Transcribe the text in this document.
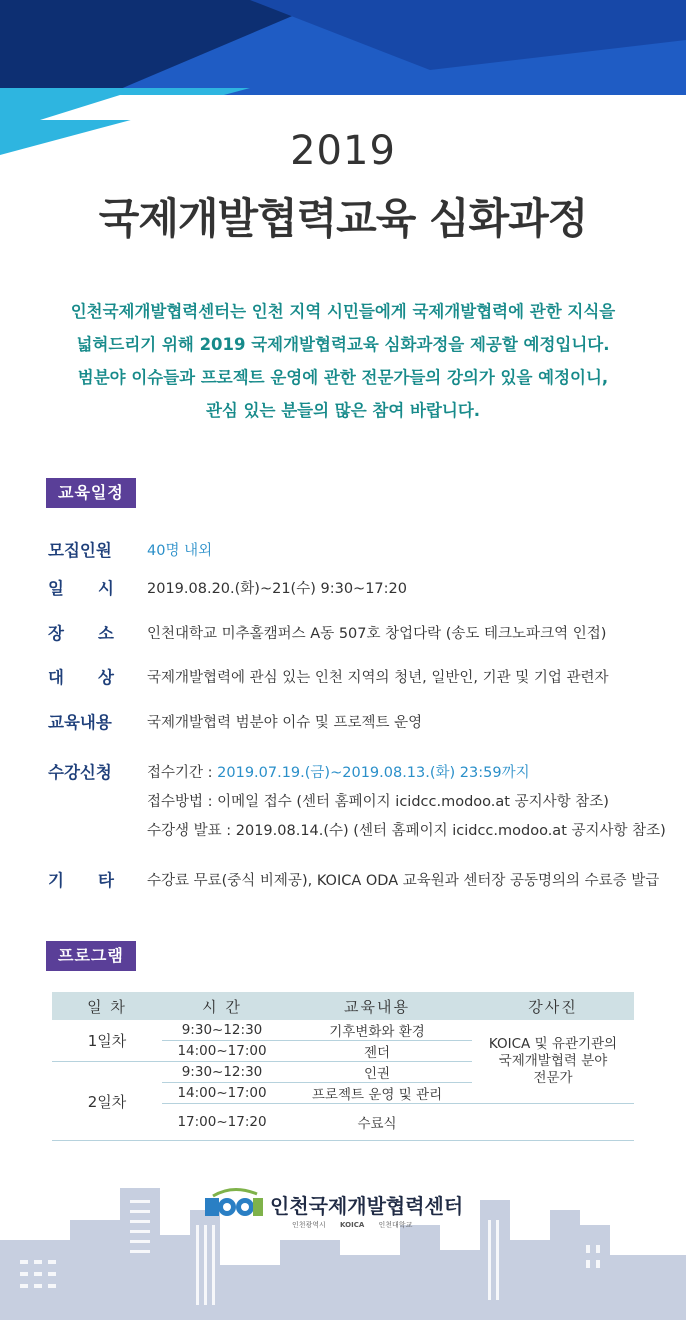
2019
국제개발협력교육 심화과정
인천국제개발협력센터는 인천 지역 시민들에게 국제개발협력에 관한 지식을
넓혀드리기 위해 2019 국제개발협력교육 심화과정을 제공할 예정입니다.
범분야 이슈들과 프로젝트 운영에 관한 전문가들의 강의가 있을 예정이니,
관심 있는 분들의 많은 참여 바랍니다.
교육일정
모집인원	40명 내외
일 시 2019.08.20.(화)~21(수) 9:30~17:20
장 소 인천대학교 미추홀캠퍼스 A동 507호 창업다락 (송도 테크노파크역 인접)
대 상 국제개발협력에 관심 있는 인천 지역의 청년, 일반인, 기관 및 기업 관련자
교육내용	국제개발협력 범분야 이슈 및 프로젝트 운영
수강신청	접수기간 : 2019.07.19.(금)~2019.08.13.(화) 23:59까지
접수방법 : 이메일 접수 (센터 홈페이지 icidcc.modoo.at 공지사항 참조)
수강생 발표 : 2019.08.14.(수) (센터 홈페이지 icidcc.modoo.at 공지사항 참조)
기 타 수강료 무료(중식 비제공), KOICA ODA 교육원과 센터장 공동명의의 수료증 발급
프로그램
일 차	시 간	교육내용	강사진
1일차	9:30~12:30	기후변화와 환경	KOICA 및 유관기관의
국제개발협력 분야
전문가

	14:00~17:00	젠더	
2일차	9:30~12:30	인권	
	14:00~17:00	프로젝트 운영 및 관리	
	17:00~17:20	수료식	
인천국제개발협력센터
인천광역시 KOICA 인천대학교
